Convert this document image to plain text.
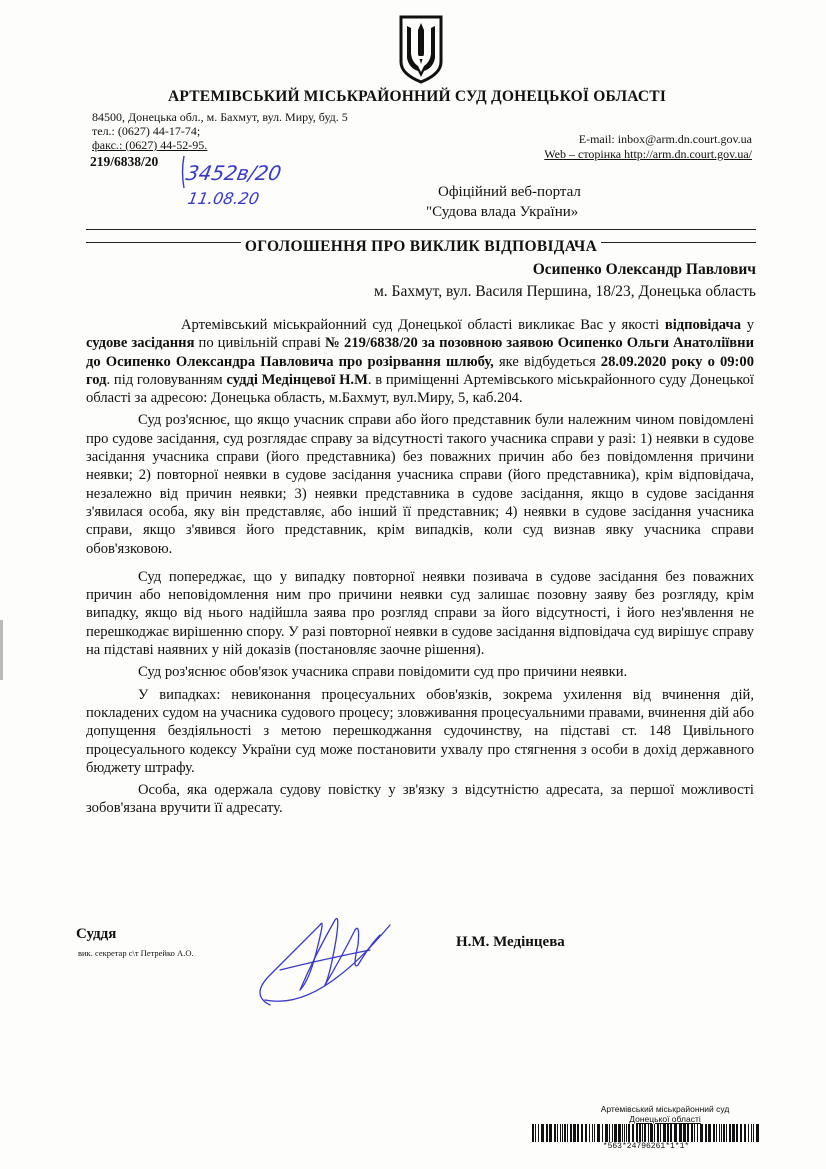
АРТЕМІВСЬКИЙ МІСЬКРАЙОННИЙ СУД ДОНЕЦЬКОЇ ОБЛАСТІ
84500, Донецька обл., м. Бахмут, вул. Миру, буд. 5
тел.: (0627) 44-17-74;
факс.: (0627) 44-52-95.	E-mail: inbox@arm.dn.court.gov.ua
Web – сторінка http://arm.dn.court.gov.ua/
219/6838/20 3452в/20
11.08.20	Офіційний веб-портал
"Судова влада України»
ОГОЛОШЕННЯ ПРО ВИКЛИК ВІДПОВІДАЧА
Осипенко Олександр Павлович
м. Бахмут, вул. Василя Першина, 18/23, Донецька область

Артемівський міськрайонний суд Донецької області викликає Вас у якості відповідача у судове засідання по цивільній справі № 219/6838/20 за позовною заявою Осипенко Ольги Анатоліївни до Осипенко Олександра Павловича про розірвання шлюбу, яке відбудеться 28.09.2020 року о 09:00 год. під головуванням судді Медінцевої Н.М. в приміщенні Артемівського міськрайонного суду Донецької області за адресою: Донецька область, м.Бахмут, вул.Миру, 5, каб.204.

Суд роз'яснює, що якщо учасник справи або його представник були належним чином повідомлені про судове засідання, суд розглядає справу за відсутності такого учасника справи у разі: 1) неявки в судове засідання учасника справи (його представника) без поважних причин або без повідомлення причини неявки; 2) повторної неявки в судове засідання учасника справи (його представника), крім відповідача, незалежно від причин неявки; 3) неявки представника в судове засідання, якщо в судове засідання з'явилася особа, яку він представляє, або інший її представник; 4) неявки в судове засідання учасника справи, якщо з'явився його представник, крім випадків, коли суд визнав явку учасника справи обов'язковою.

Суд попереджає, що у випадку повторної неявки позивача в судове засідання без поважних причин або неповідомлення ним про причини неявки суд залишає позовну заяву без розгляду, крім випадку, якщо від нього надійшла заява про розгляд справи за його відсутності, і його нез'явлення не перешкоджає вирішенню спору. У разі повторної неявки в судове засідання відповідача суд вирішує справу на підставі наявних у ній доказів (постановляє заочне рішення).

Суд роз'яснює обов'язок учасника справи повідомити суд про причини неявки.

У випадках: невиконання процесуальних обов'язків, зокрема ухилення від вчинення дій, покладених судом на учасника судового процесу; зловживання процесуальними правами, вчинення дій або допущення бездіяльності з метою перешкоджання судочинству, на підставі ст. 148 Цивільного процесуального кодексу України суд може постановити ухвалу про стягнення з особи в дохід державного бюджету штрафу.

Особа, яка одержала судову повістку у зв'язку з відсутністю адресата, за першої можливості зобов'язана вручити її адресату.

Суддя
вик. секретар с\т Петрейко А.О.
Н.М. Медінцева
Артемівський міськрайонний суд
Донецької області
*563*24796261*1*1*
